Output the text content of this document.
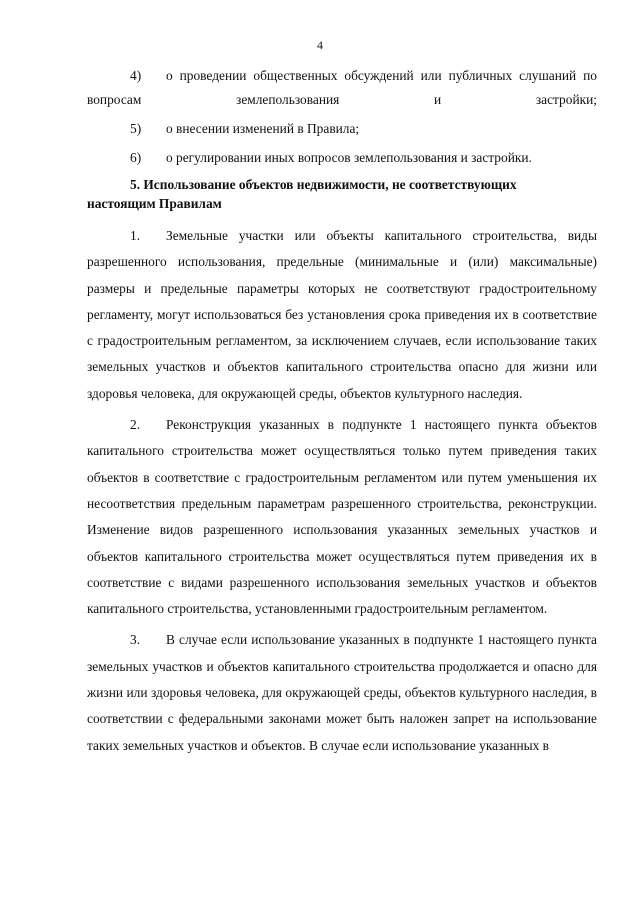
4

4) о проведении общественных обсуждений или публичных слушаний по вопросам землепользования и застройки;

5) о внесении изменений в Правила;

6) о регулировании иных вопросов землепользования и застройки.

5. Использование объектов недвижимости, не соответствующих

настоящим Правилам

1. Земельные участки или объекты капитального строительства, виды разрешенного использования, предельные (минимальные и (или) максимальные) размеры и предельные параметры которых не соответствуют градостроительному регламенту, могут использоваться без установления срока приведения их в соответствие с градостроительным регламентом, за исключением случаев, если использование таких земельных участков и объектов капитального строительства опасно для жизни или здоровья человека, для окружающей среды, объектов культурного наследия.

2. Реконструкция указанных в подпункте 1 настоящего пункта объектов капитального строительства может осуществляться только путем приведения таких объектов в соответствие с градостроительным регламентом или путем уменьшения их несоответствия предельным параметрам разрешенного строительства, реконструкции. Изменение видов разрешенного использования указанных земельных участков и объектов капитального строительства может осуществляться путем приведения их в соответствие с видами разрешенного использования земельных участков и объектов капитального строительства, установленными градостроительным регламентом.

3. В случае если использование указанных в подпункте 1 настоящего пункта земельных участков и объектов капитального строительства продолжается и опасно для жизни или здоровья человека, для окружающей среды, объектов культурного наследия, в соответствии с федеральными законами может быть наложен запрет на использование таких земельных участков и объектов. В случае если использование указанных в
